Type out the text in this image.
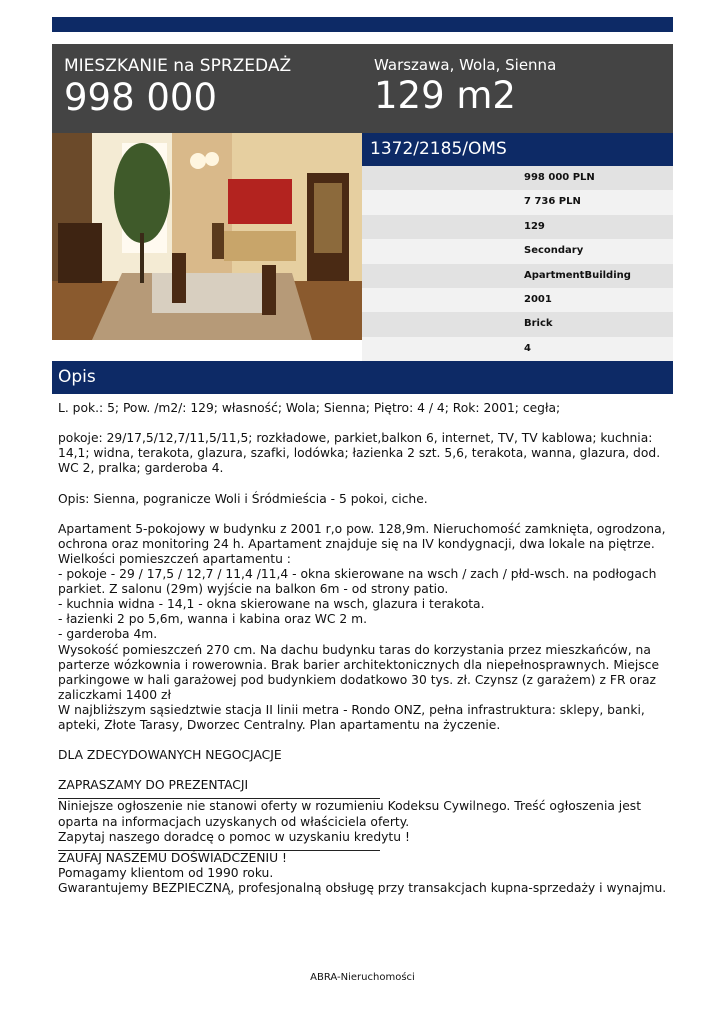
MIESZKANIE na SPRZEDAŻ
998 000
Warszawa, Wola, Sienna
129 m2
1372/2185/OMS
998 000 PLN
7 736 PLN
129
Secondary
ApartmentBuilding
2001
Brick
4
Opis

L. pok.: 5; Pow. /m2/: 129; własność; Wola; Sienna; Piętro: 4 / 4; Rok: 2001; cegła;

pokoje: 29/17,5/12,7/11,5/11,5; rozkładowe, parkiet,balkon 6, internet, TV, TV kablowa; kuchnia:

14,1; widna, terakota, glazura, szafki, lodówka; łazienka 2 szt. 5,6, terakota, wanna, glazura, dod.

WC 2, pralka; garderoba 4.

Opis: Sienna, pogranicze Woli i Śródmieścia - 5 pokoi, ciche.

Apartament 5-pokojowy w budynku z 2001 r,o pow. 128,9m. Nieruchomość zamknięta, ogrodzona,

ochrona oraz monitoring 24 h. Apartament znajduje się na IV kondygnacji, dwa lokale na piętrze.

Wielkości pomieszczeń apartamentu :

- pokoje - 29 / 17,5 / 12,7 / 11,4 /11,4 - okna skierowane na wsch / zach / płd-wsch. na podłogach

parkiet. Z salonu (29m) wyjście na balkon 6m - od strony patio.

- kuchnia widna - 14,1 - okna skierowane na wsch, glazura i terakota.

- łazienki 2 po 5,6m, wanna i kabina oraz WC 2 m.

- garderoba 4m.

Wysokość pomieszczeń 270 cm. Na dachu budynku taras do korzystania przez mieszkańców, na

parterze wózkownia i rowerownia. Brak barier architektonicznych dla niepełnosprawnych. Miejsce

parkingowe w hali garażowej pod budynkiem dodatkowo 30 tys. zł. Czynsz (z garażem) z FR oraz

zaliczkami 1400 zł

W najbliższym sąsiedztwie stacja II linii metra - Rondo ONZ, pełna infrastruktura: sklepy, banki,

apteki, Złote Tarasy, Dworzec Centralny. Plan apartamentu na życzenie.

DLA ZDECYDOWANYCH NEGOCJACJE

ZAPRASZAMY DO PREZENTACJI

Niniejsze ogłoszenie nie stanowi oferty w rozumieniu Kodeksu Cywilnego. Treść ogłoszenia jest

oparta na informacjach uzyskanych od właściciela oferty.

Zapytaj naszego doradcę o pomoc w uzyskaniu kredytu !

ZAUFAJ NASZEMU DOŚWIADCZENIU !

Pomagamy klientom od 1990 roku.

Gwarantujemy BEZPIECZNĄ, profesjonalną obsługę przy transakcjach kupna-sprzedaży i wynajmu.

ABRA-Nieruchomości
